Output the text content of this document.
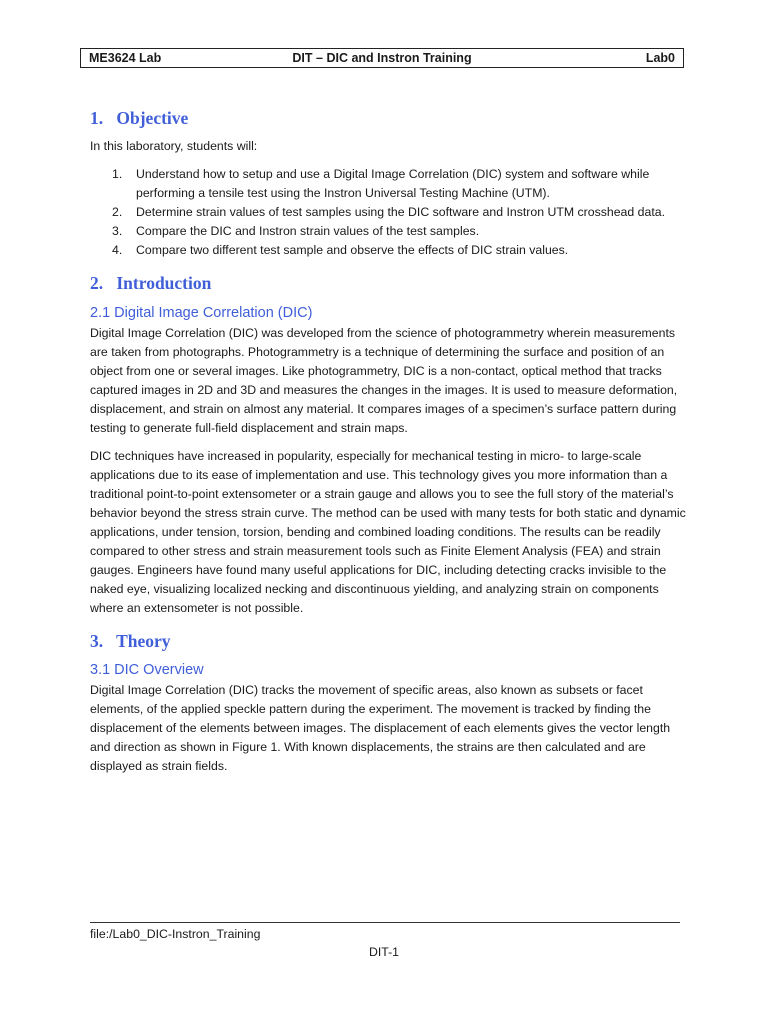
ME3624 Lab	DIT – DIC and Instron Training	Lab0
1. Objective

In this laboratory, students will:

1. Understand how to setup and use a Digital Image Correlation (DIC) system and software while performing a tensile test using the Instron Universal Testing Machine (UTM).
2. Determine strain values of test samples using the DIC software and Instron UTM crosshead data.
3. Compare the DIC and Instron strain values of the test samples.
4. Compare two different test sample and observe the effects of DIC strain values.
2. Introduction
2.1 Digital Image Correlation (DIC)

Digital Image Correlation (DIC) was developed from the science of photogrammetry wherein measurements are taken from photographs. Photogrammetry is a technique of determining the surface and position of an object from one or several images. Like photogrammetry, DIC is a non-contact, optical method that tracks captured images in 2D and 3D and measures the changes in the images. It is used to measure deformation, displacement, and strain on almost any material. It compares images of a specimen’s surface pattern during testing to generate full-field displacement and strain maps.

DIC techniques have increased in popularity, especially for mechanical testing in micro- to large-scale applications due to its ease of implementation and use. This technology gives you more information than a traditional point-to-point extensometer or a strain gauge and allows you to see the full story of the material’s behavior beyond the stress strain curve. The method can be used with many tests for both static and dynamic applications, under tension, torsion, bending and combined loading conditions. The results can be readily compared to other stress and strain measurement tools such as Finite Element Analysis (FEA) and strain gauges. Engineers have found many useful applications for DIC, including detecting cracks invisible to the naked eye, visualizing localized necking and discontinuous yielding, and analyzing strain on components where an extensometer is not possible.

3. Theory
3.1 DIC Overview

Digital Image Correlation (DIC) tracks the movement of specific areas, also known as subsets or facet elements, of the applied speckle pattern during the experiment. The movement is tracked by finding the displacement of the elements between images. The displacement of each elements gives the vector length and direction as shown in Figure 1. With known displacements, the strains are then calculated and are displayed as strain fields.

file:/Lab0_DIC-Instron_Training
DIT-1
